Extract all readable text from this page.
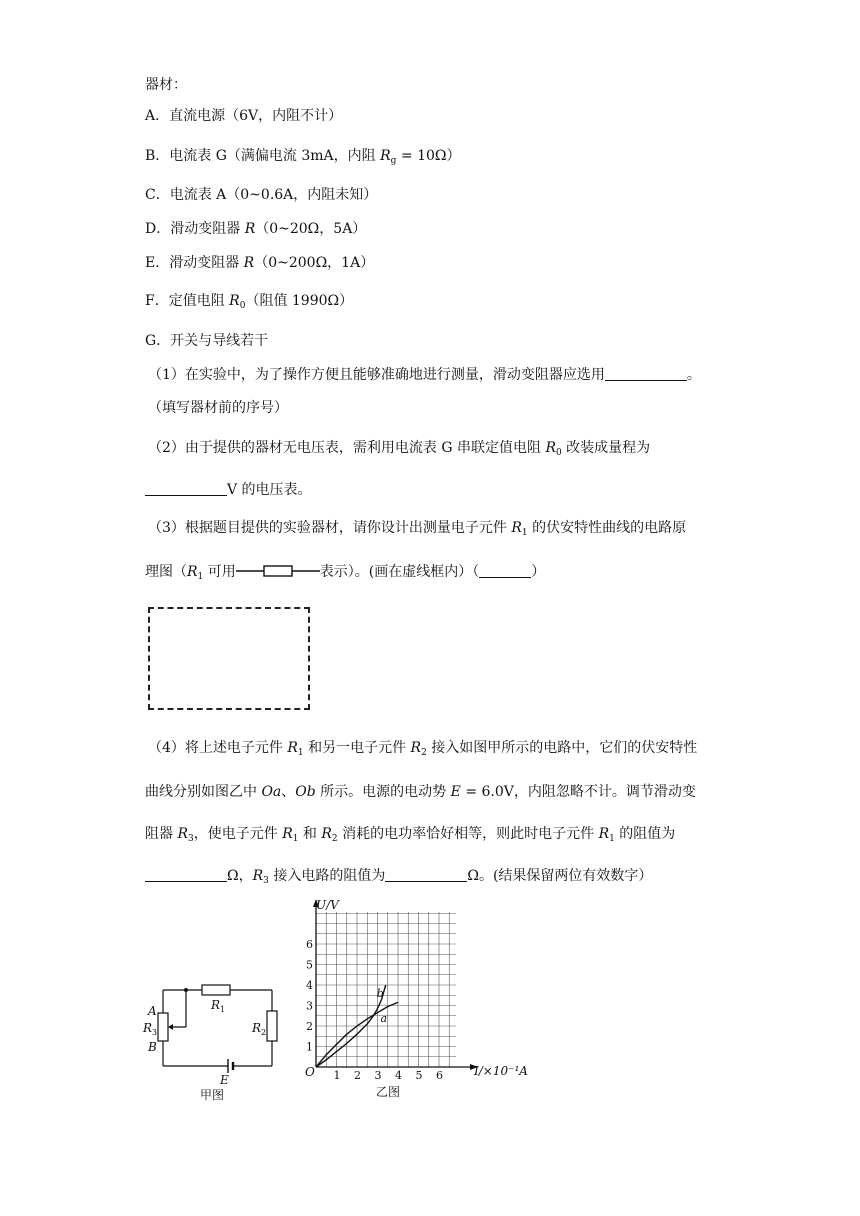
器材：
A．直流电源（6V，内阻不计）
B．电流表 G（满偏电流 3mA，内阻 $R_g = 10\Omega$）
C．电流表 A（0~0.6A，内阻未知）
D．滑动变阻器 R（0~20Ω，5A）
E．滑动变阻器 R（0~200Ω，1A）
F．定值电阻 $R_0$（阻值 1990Ω）
G．开关与导线若干
（1）在实验中，为了操作方便且能够准确地进行测量，滑动变阻器应选用	。
（填写器材前的序号）
（2）由于提供的器材无电压表，需利用电流表 G 串联定值电阻 $R_0$ 改装成量程为
V 的电压表。
（3）根据题目提供的实验器材，请你设计出测量电子元件 $R_1$ 的伏安特性曲线的电路原
理图（$R_1$ 可用	表示）。(画在虚线框内）（	）
（4）将上述电子元件 $R_1$ 和另一电子元件 $R_2$ 接入如图甲所示的电路中，它们的伏安特性
曲线分别如图乙中 Oa、Ob 所示。电源的电动势 E = 6.0V，内阻忽略不计。调节滑动变
阻器 $R_3$，使电子元件 $R_1$ 和 $R_2$ 消耗的电功率恰好相等，则此时电子元件 $R_1$ 的阻值为
Ω，$R_3$ 接入电路的阻值为	Ω。(结果保留两位有效数字）
A
B
$R_3$
$R_1$
$R_2$
E
甲图
1 2 3 4 5 6
1
2
3
4
5
6
a
b
U/V
I/×10⁻¹A
O
乙图
